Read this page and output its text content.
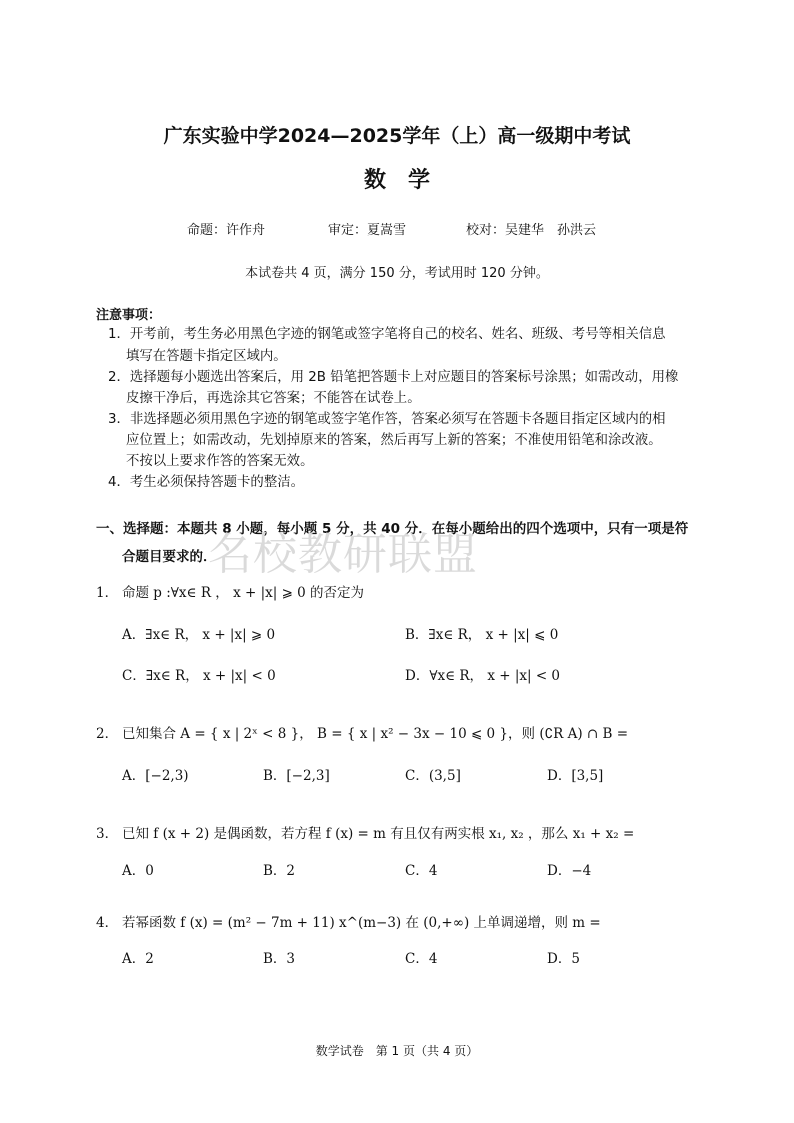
广东实验中学2024—2025学年（上）高一级期中考试
数　学
命题：许作舟	审定：夏嵩雪	校对：吴建华　孙洪云
本试卷共 4 页，满分 150 分，考试用时 120 分钟。
注意事项：
1．开考前，考生务必用黑色字迹的钢笔或签字笔将自己的校名、姓名、班级、考号等相关信息
填写在答题卡指定区域内。
2．选择题每小题选出答案后，用 2B 铅笔把答题卡上对应题目的答案标号涂黑；如需改动，用橡
皮擦干净后，再选涂其它答案；不能答在试卷上。
3．非选择题必须用黑色字迹的钢笔或签字笔作答，答案必须写在答题卡各题目指定区域内的相
应位置上；如需改动，先划掉原来的答案，然后再写上新的答案；不准使用铅笔和涂改液。
不按以上要求作答的答案无效。
4．考生必须保持答题卡的整洁。
一、选择题：本题共 8 小题，每小题 5 分，共 40 分．在每小题给出的四个选项中，只有一项是符
合题目要求的．
名校教研联盟
1． 命题 p :∀x∈ R ， x + |x| ⩾ 0 的否定为
A．∃x∈ R， x + |x| ⩾ 0	B．∃x∈ R， x + |x| ⩽ 0
C．∃x∈ R， x + |x| < 0	D．∀x∈ R， x + |x| < 0
2． 已知集合 A = { x | 2ˣ < 8 }， B = { x | x² − 3x − 10 ⩽ 0 }，则 (∁R A) ∩ B =
A．[−2,3)	B．[−2,3]	C．(3,5]	D．[3,5]
3． 已知 f (x + 2) 是偶函数，若方程 f (x) = m 有且仅有两实根 x₁, x₂ ，那么 x₁ + x₂ =
A．0	B．2	C．4	D．−4
4． 若幂函数 f (x) = (m² − 7m + 11) x^(m−3) 在 (0,+∞) 上单调递增，则 m =
A．2	B．3	C．4	D．5
数学试卷　第 1 页（共 4 页）
